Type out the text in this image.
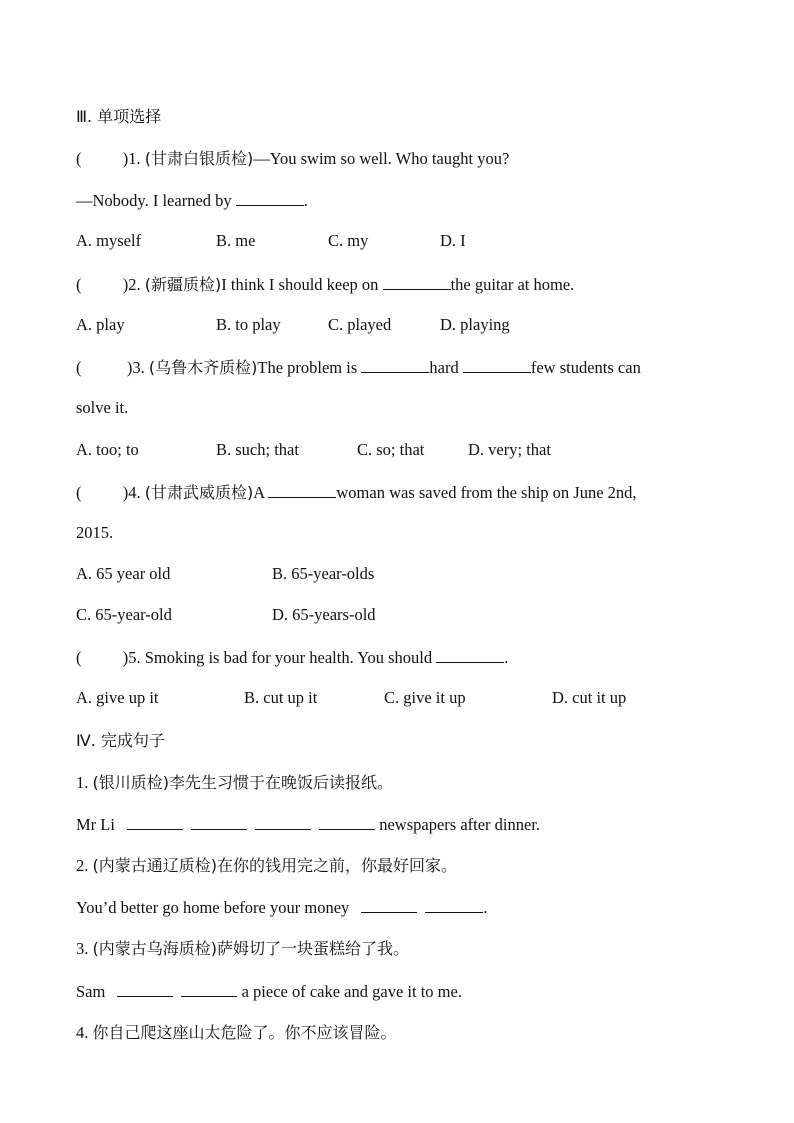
Ⅲ. 单项选择
(          )1. (甘肃白银质检)—You swim so well. Who taught you?
—Nobody. I learned by	.
A. myself	B. me	C. my	D. I
(          )2. (新疆质检)I think I should keep on	the guitar at home.
A. play	B. to play	C. played	D. playing
(           )3. (乌鲁木齐质检)The problem is	hard	few students can
solve it.
A. too; to	B. such; that	C. so; that	D. very; that
(          )4. (甘肃武威质检)A	woman was saved from the ship on June 2nd,
2015.
A. 65 year old	B. 65-year-olds
C. 65-year-old	D. 65-years-old
(          )5. Smoking is bad for your health. You should	.
A. give up it	B. cut up it	C. give it up	D. cut it up
Ⅳ. 完成句子
1. (银川质检)李先生习惯于在晚饭后读报纸。
Mr Li	newspapers after dinner.
2. (内蒙古通辽质检)在你的钱用完之前，你最好回家。
You’d better go home before your money	.
3. (内蒙古乌海质检)萨姆切了一块蛋糕给了我。
Sam	a piece of cake and gave it to me.
4. 你自己爬这座山太危险了。你不应该冒险。
